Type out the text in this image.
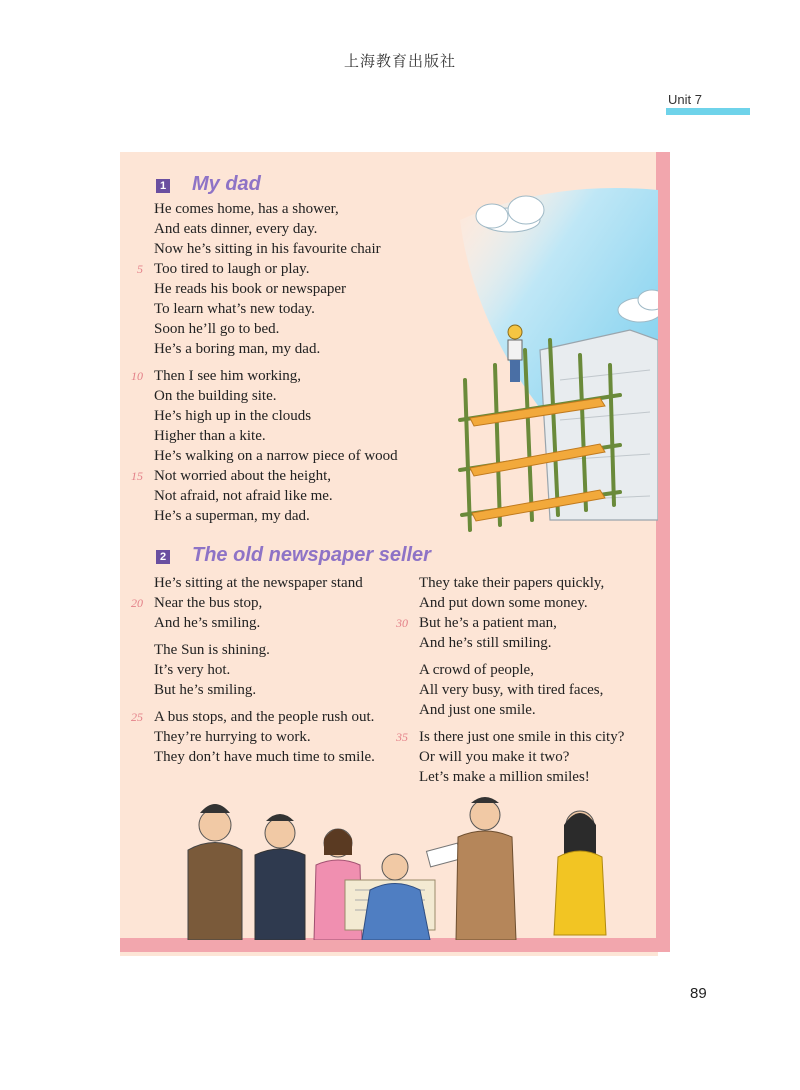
上海教育出版社
Unit 7
1 My dad
He comes home, has a shower,
And eats dinner, every day.
Now he’s sitting in his favourite chair
Too tired to laugh or play.
He reads his book or newspaper
To learn what’s new today.
Soon he’ll go to bed.
He’s a boring man, my dad.
Then I see him working,
On the building site.
He’s high up in the clouds
Higher than a kite.
He’s walking on a narrow piece of wood
Not worried about the height,
Not afraid, not afraid like me.
He’s a superman, my dad.
5
10
15
2 The old newspaper seller
He’s sitting at the newspaper stand
Near the bus stop,
And he’s smiling.
The Sun is shining.
It’s very hot.
But he’s smiling.
A bus stops, and the people rush out.
They’re hurrying to work.
They don’t have much time to smile.
They take their papers quickly,
And put down some money.
But he’s a patient man,
And he’s still smiling.
A crowd of people,
All very busy, with tired faces,
And just one smile.
Is there just one smile in this city?
Or will you make it two?
Let’s make a million smiles!
20
25
30
35
89
